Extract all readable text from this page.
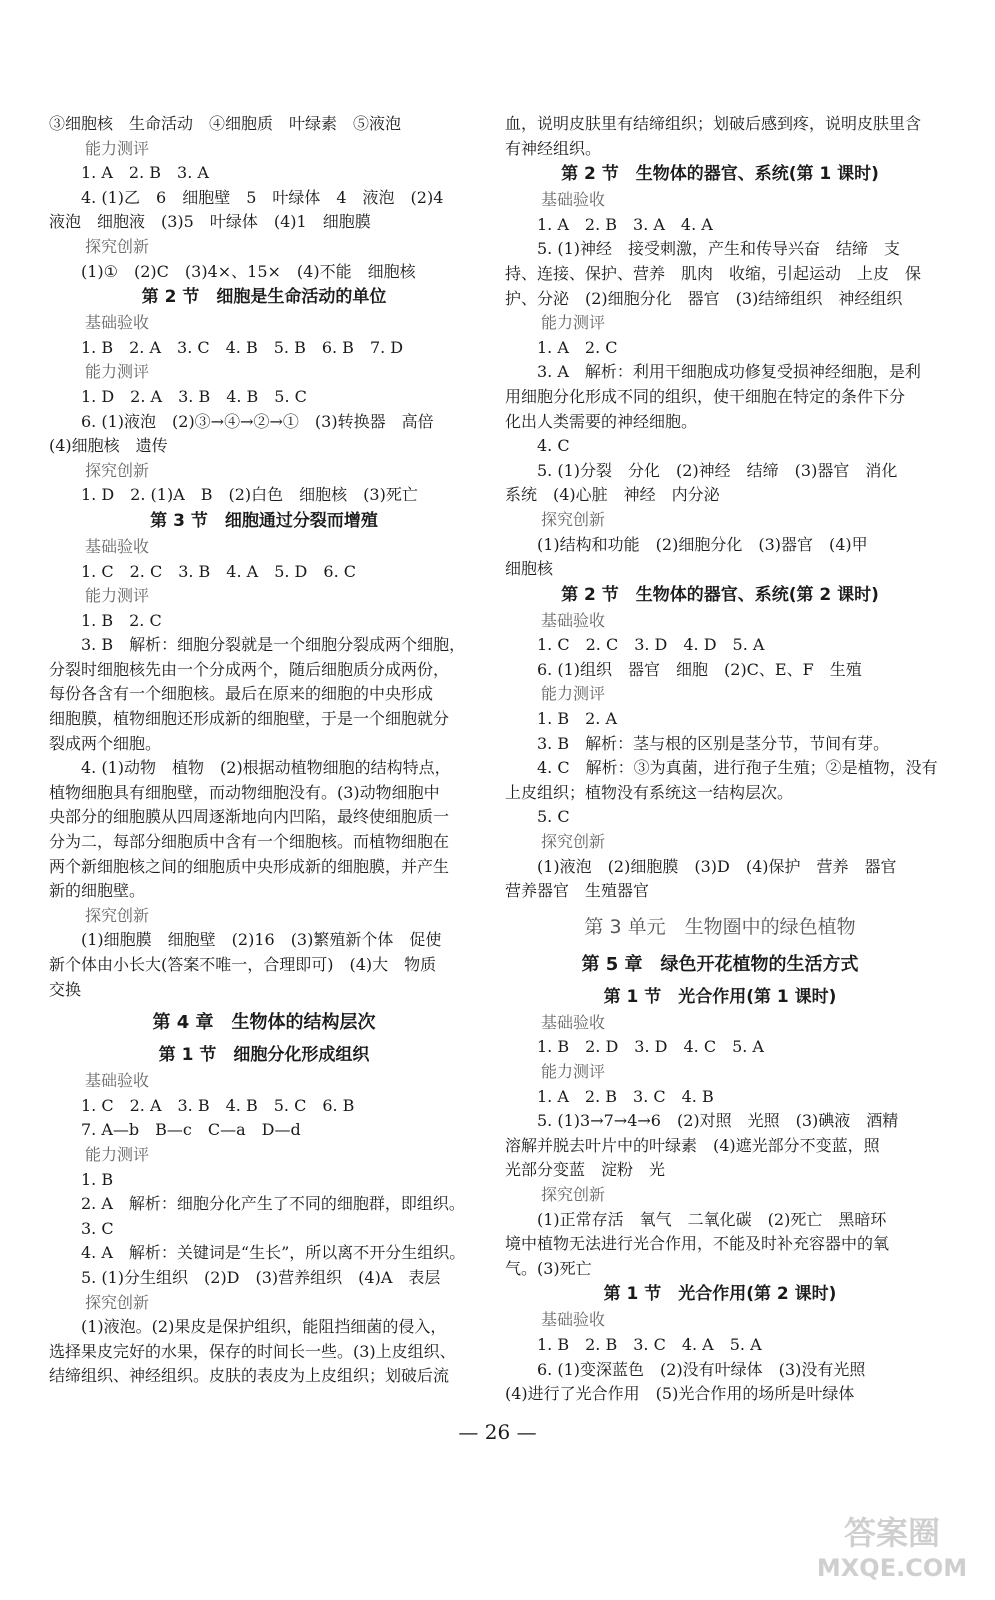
③细胞核　生命活动　④细胞质　叶绿素　⑤液泡
能力测评
1. A　2. B　3. A
4. (1)乙　6　细胞壁　5　叶绿体　4　液泡　(2)4
液泡　细胞液　(3)5　叶绿体　(4)1　细胞膜
探究创新
(1)①　(2)C　(3)4×、15×　(4)不能　细胞核
第 2 节　细胞是生命活动的单位
基础验收
1. B　2. A　3. C　4. B　5. B　6. B　7. D
能力测评
1. D　2. A　3. B　4. B　5. C
6. (1)液泡　(2)③→④→②→①　(3)转换器　高倍
(4)细胞核　遗传
探究创新
1. D　2. (1)A　B　(2)白色　细胞核　(3)死亡
第 3 节　细胞通过分裂而增殖
基础验收
1. C　2. C　3. B　4. A　5. D　6. C
能力测评
1. B　2. C
3. B　解析：细胞分裂就是一个细胞分裂成两个细胞，
分裂时细胞核先由一个分成两个，随后细胞质分成两份，
每份各含有一个细胞核。最后在原来的细胞的中央形成
细胞膜，植物细胞还形成新的细胞壁，于是一个细胞就分
裂成两个细胞。
4. (1)动物　植物　(2)根据动植物细胞的结构特点，
植物细胞具有细胞壁，而动物细胞没有。(3)动物细胞中
央部分的细胞膜从四周逐渐地向内凹陷，最终使细胞质一
分为二，每部分细胞质中含有一个细胞核。而植物细胞在
两个新细胞核之间的细胞质中央形成新的细胞膜，并产生
新的细胞壁。
探究创新
(1)细胞膜　细胞壁　(2)16　(3)繁殖新个体　促使
新个体由小长大(答案不唯一，合理即可)　(4)大　物质
交换
第 4 章　生物体的结构层次
第 1 节　细胞分化形成组织
基础验收
1. C　2. A　3. B　4. B　5. C　6. B
7. A—b　B—c　C—a　D—d
能力测评
1. B
2. A　解析：细胞分化产生了不同的细胞群，即组织。
3. C
4. A　解析：关键词是“生长”，所以离不开分生组织。
5. (1)分生组织　(2)D　(3)营养组织　(4)A　表层
探究创新
(1)液泡。(2)果皮是保护组织，能阻挡细菌的侵入，
选择果皮完好的水果，保存的时间长一些。(3)上皮组织、
结缔组织、神经组织。皮肤的表皮为上皮组织；划破后流
血，说明皮肤里有结缔组织；划破后感到疼，说明皮肤里含
有神经组织。
第 2 节　生物体的器官、系统(第 1 课时)
基础验收
1. A　2. B　3. A　4. A
5. (1)神经　接受刺激，产生和传导兴奋　结缔　支
持、连接、保护、营养　肌肉　收缩，引起运动　上皮　保
护、分泌　(2)细胞分化　器官　(3)结缔组织　神经组织
能力测评
1. A　2. C
3. A　解析：利用干细胞成功修复受损神经细胞，是利
用细胞分化形成不同的组织，使干细胞在特定的条件下分
化出人类需要的神经细胞。
4. C
5. (1)分裂　分化　(2)神经　结缔　(3)器官　消化
系统　(4)心脏　神经　内分泌
探究创新
(1)结构和功能　(2)细胞分化　(3)器官　(4)甲
细胞核
第 2 节　生物体的器官、系统(第 2 课时)
基础验收
1. C　2. C　3. D　4. D　5. A
6. (1)组织　器官　细胞　(2)C、E、F　生殖
能力测评
1. B　2. A
3. B　解析：茎与根的区别是茎分节，节间有芽。
4. C　解析：③为真菌，进行孢子生殖；②是植物，没有
上皮组织；植物没有系统这一结构层次。
5. C
探究创新
(1)液泡　(2)细胞膜　(3)D　(4)保护　营养　器官
营养器官　生殖器官
第 3 单元　生物圈中的绿色植物
第 5 章　绿色开花植物的生活方式
第 1 节　光合作用(第 1 课时)
基础验收
1. B　2. D　3. D　4. C　5. A
能力测评
1. A　2. B　3. C　4. B
5. (1)3→7→4→6　(2)对照　光照　(3)碘液　酒精
溶解并脱去叶片中的叶绿素　(4)遮光部分不变蓝，照
光部分变蓝　淀粉　光
探究创新
(1)正常存活　氧气　二氧化碳　(2)死亡　黑暗环
境中植物无法进行光合作用，不能及时补充容器中的氧
气。(3)死亡
第 1 节　光合作用(第 2 课时)
基础验收
1. B　2. B　3. C　4. A　5. A
6. (1)变深蓝色　(2)没有叶绿体　(3)没有光照
(4)进行了光合作用　(5)光合作用的场所是叶绿体
— 26 —
答案圈
MXQE.COM
